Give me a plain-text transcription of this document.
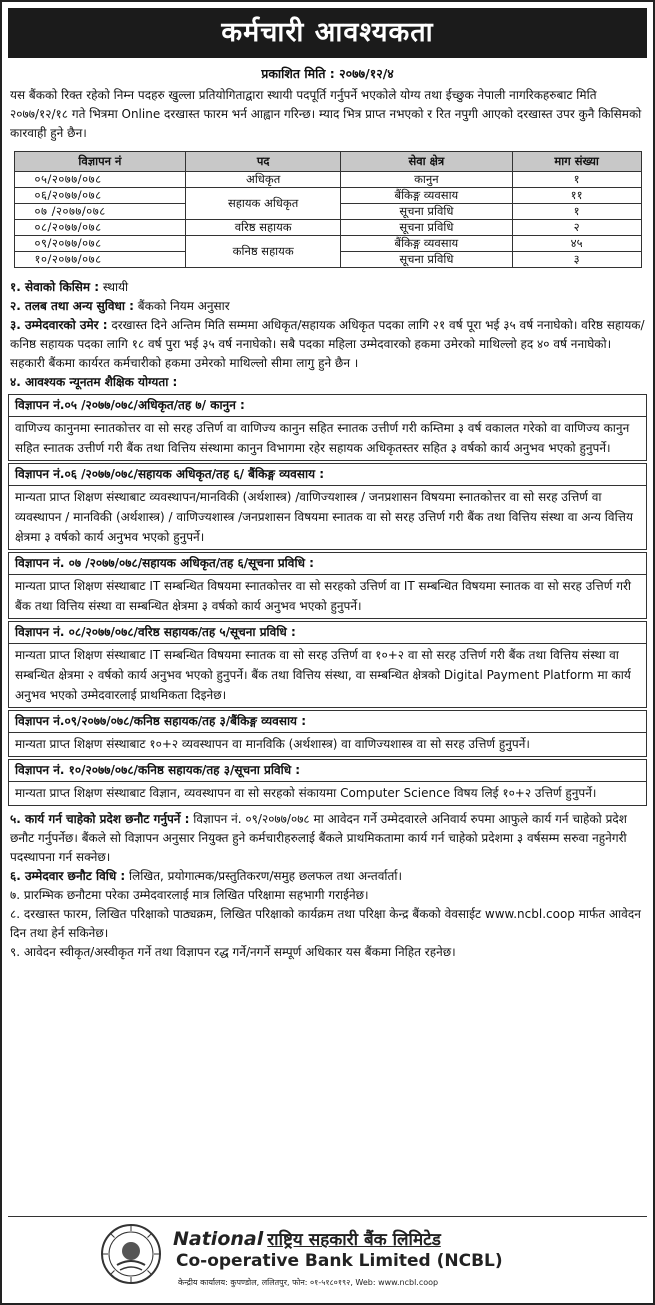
कर्मचारी आवश्यकता
प्रकाशित मिति : २०७७/१२/४
यस बैंकको रिक्त रहेको निम्न पदहरु खुल्ला प्रतियोगिताद्वारा स्थायी पदपूर्ति गर्नुपर्ने भएकोले योग्य तथा ईच्छुक नेपाली नागरिकहरुबाट मिति २०७७/१२/१८ गते भित्रमा Online दरखास्त फारम भर्न आह्वान गरिन्छ। म्याद भित्र प्राप्त नभएको र रित नपुगी आएको दरखास्त उपर कुनै किसिमको कारवाही हुने छैन।
विज्ञापन नं	पद	सेवा क्षेत्र	माग संख्या
०५/२०७७/०७८	अधिकृत	कानुन	१
०६/२०७७/०७८	सहायक अधिकृत	बैंकिङ्ग व्यवसाय	११
०७ /२०७७/०७८		सूचना प्रविधि	१
०८/२०७७/०७८	वरिष्ठ सहायक	सूचना प्रविधि	२
०९/२०७७/०७८	कनिष्ठ सहायक	बैंकिङ्ग व्यवसाय	४५
१०/२०७७/०७८		सूचना प्रविधि	३
१. सेवाको किसिम : स्थायी
२. तलब तथा अन्य सुविधा : बैंकको नियम अनुसार
३. उम्मेदवारको उमेर : दरखास्त दिने अन्तिम मिति सम्ममा अधिकृत/सहायक अधिकृत पदका लागि २१ वर्ष पूरा भई ३५ वर्ष ननाघेको। वरिष्ठ सहायक/कनिष्ठ सहायक पदका लागि १८ वर्ष पुरा भई ३५ वर्ष ननाघेको। सबै पदका महिला उम्मेदवारको हकमा उमेरको माथिल्लो हद ४० वर्ष ननाघेको। सहकारी बैंकमा कार्यरत कर्मचारीको हकमा उमेरको माथिल्लो सीमा लागु हुने छैन ।
४. आवश्यक न्यूनतम शैक्षिक योग्यता :
विज्ञापन नं.०५ /२०७७/०७८/अधिकृत/तह ७/ कानुन :
वाणिज्य कानुनमा स्नातकोत्तर वा सो सरह उत्तिर्ण वा वाणिज्य कानुन सहित स्नातक उत्तीर्ण गरी कम्तिमा ३ वर्ष वकालत गरेको वा वाणिज्य कानुन सहित स्नातक उत्तीर्ण गरी बैंक तथा वित्तिय संस्थामा कानुन विभागमा रहेर सहायक अधिकृतस्तर सहित ३ वर्षको कार्य अनुभव भएको हुनुपर्ने।
विज्ञापन नं.०६ /२०७७/०७८/सहायक अधिकृत/तह ६/ बैंकिङ्ग व्यवसाय :
मान्यता प्राप्त शिक्षण संस्थाबाट व्यवस्थापन/मानविकी (अर्थशास्त्र) /वाणिज्यशास्त्र / जनप्रशासन विषयमा स्नातकोत्तर वा सो सरह उत्तिर्ण वा व्यवस्थापन / मानविकी (अर्थशास्त्र) / वाणिज्यशास्त्र /जनप्रशासन विषयमा स्नातक वा सो सरह उत्तिर्ण गरी बैंक तथा वित्तिय संस्था वा अन्य वित्तिय क्षेत्रमा ३ वर्षको कार्य अनुभव भएको हुनुपर्ने।
विज्ञापन नं. ०७ /२०७७/०७८/सहायक अधिकृत/तह ६/सूचना प्रविधि :
मान्यता प्राप्त शिक्षण संस्थाबाट IT सम्बन्धित विषयमा स्नातकोत्तर वा सो सरहको उत्तिर्ण वा IT सम्बन्धित विषयमा स्नातक वा सो सरह उत्तिर्ण गरी बैंक तथा वित्तिय संस्था वा सम्बन्धित क्षेत्रमा ३ वर्षको कार्य अनुभव भएको हुनुपर्ने।
विज्ञापन नं. ०८/२०७७/०७८/वरिष्ठ सहायक/तह ५/सूचना प्रविधि :
मान्यता प्राप्त शिक्षण संस्थाबाट IT सम्बन्धित विषयमा स्नातक वा सो सरह उत्तिर्ण वा १०+२ वा सो सरह उत्तिर्ण गरी बैंक तथा वित्तिय संस्था वा सम्बन्धित क्षेत्रमा २ वर्षको कार्य अनुभव भएको हुनुपर्ने। बैंक तथा वित्तिय संस्था, वा सम्बन्धित क्षेत्रको Digital Payment Platform मा कार्य अनुभव भएको उम्मेदवारलाई प्राथमिकता दिइनेछ।
विज्ञापन नं.०९/२०७७/०७८/कनिष्ठ सहायक/तह ३/बैंकिङ्ग व्यवसाय :
मान्यता प्राप्त शिक्षण संस्थाबाट १०+२ व्यवस्थापन वा मानविकि (अर्थशास्त्र) वा वाणिज्यशास्त्र वा सो सरह उत्तिर्ण हुनुपर्ने।
विज्ञापन नं. १०/२०७७/०७८/कनिष्ठ सहायक/तह ३/सूचना प्रविधि :
मान्यता प्राप्त शिक्षण संस्थाबाट विज्ञान, व्यवस्थापन वा सो सरहको संकायमा Computer Science विषय लिई १०+२ उत्तिर्ण हुनुपर्ने।
५. कार्य गर्न चाहेको प्रदेश छनौट गर्नुपर्ने : विज्ञापन नं. ०९/२०७७/०७८ मा आवेदन गर्ने उम्मेदवारले अनिवार्य रुपमा आफुले कार्य गर्न चाहेको प्रदेश छनौट गर्नुपर्नेछ। बैंकले सो विज्ञापन अनुसार नियुक्त हुने कर्मचारीहरुलाई बैंकले प्राथमिकतामा कार्य गर्न चाहेको प्रदेशमा ३ वर्षसम्म सरुवा नहुनेगरी पदस्थापना गर्न सक्नेछ।
६. उम्मेदवार छनौट विधि : लिखित, प्रयोगात्मक/प्रस्तुतिकरण/समुह छलफल तथा अन्तर्वार्ता।
७. प्रारम्भिक छनौटमा परेका उम्मेदवारलाई मात्र लिखित परिक्षामा सहभागी गराईनेछ।
८. दरखास्त फारम, लिखित परिक्षाको पाठ्यक्रम, लिखित परिक्षाको कार्यक्रम तथा परिक्षा केन्द्र बैंकको वेवसाईट www.ncbl.coop मार्फत आवेदन दिन तथा हेर्न सकिनेछ।
९. आवेदन स्वीकृत/अस्वीकृत गर्ने तथा विज्ञापन रद्ध गर्ने/नगर्ने सम्पूर्ण अधिकार यस बैंकमा निहित रहनेछ।
National राष्ट्रिय सहकारी बैंक लिमिटेड
Co-operative Bank Limited (NCBL)
केन्द्रीय कार्यालय: कुपण्डोल, ललितपुर, फोन: ०१-५१८०१९२, Web: www.ncbl.coop
